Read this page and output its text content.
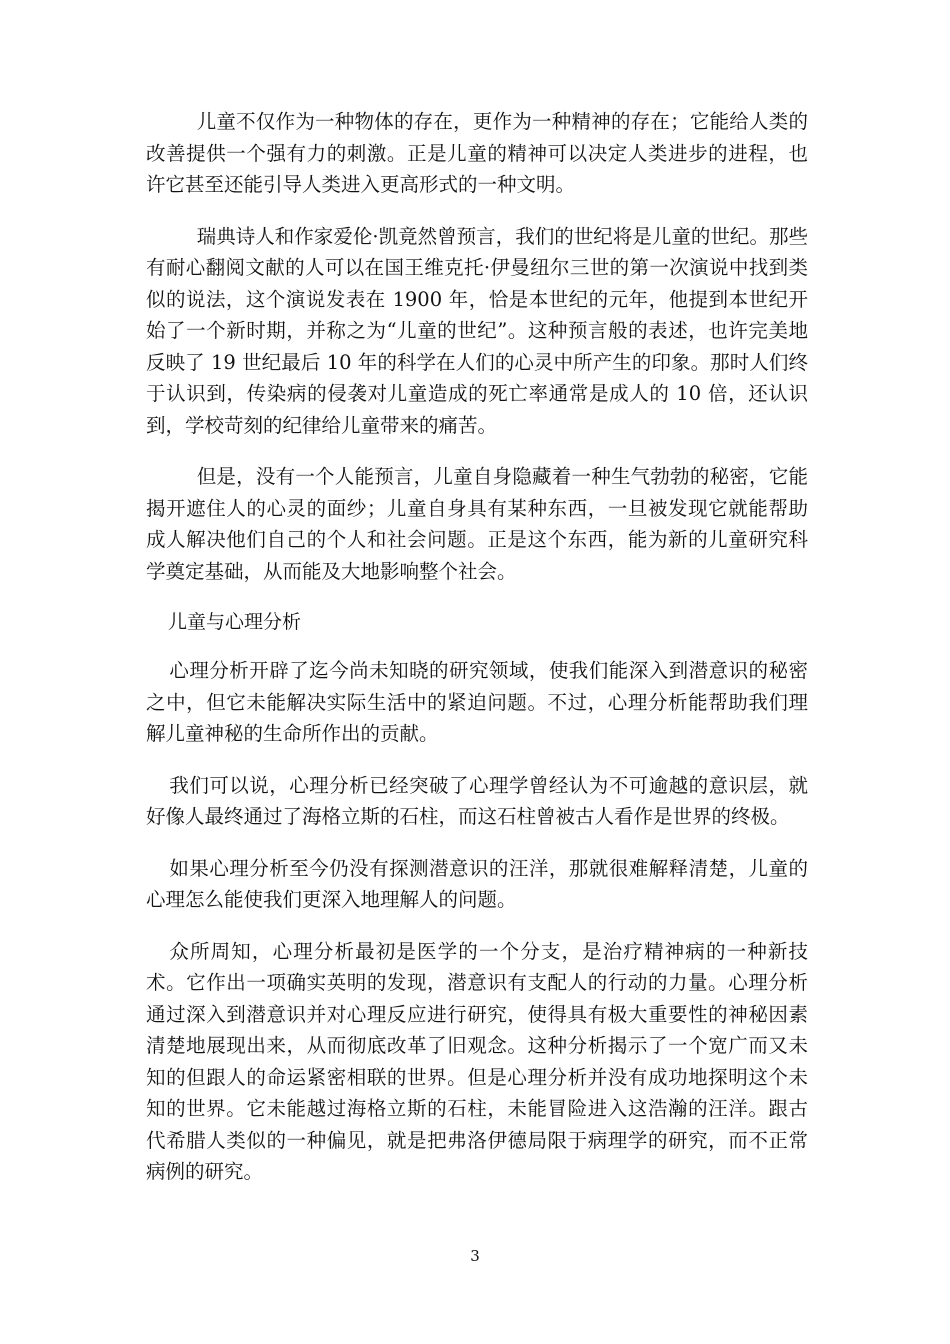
儿童不仅作为一种物体的存在，更作为一种精神的存在；它能给人类的改善提供一个强有力的刺激。正是儿童的精神可以决定人类进步的进程，也许它甚至还能引导人类进入更高形式的一种文明。

瑞典诗人和作家爱伦·凯竟然曾预言，我们的世纪将是儿童的世纪。那些有耐心翻阅文献的人可以在国王维克托·伊曼纽尔三世的第一次演说中找到类似的说法，这个演说发表在 1900 年，恰是本世纪的元年，他提到本世纪开始了一个新时期，并称之为“儿童的世纪”。这种预言般的表述，也许完美地反映了 19 世纪最后 10 年的科学在人们的心灵中所产生的印象。那时人们终于认识到，传染病的侵袭对儿童造成的死亡率通常是成人的 10 倍，还认识到，学校苛刻的纪律给儿童带来的痛苦。

但是，没有一个人能预言，儿童自身隐藏着一种生气勃勃的秘密，它能揭开遮住人的心灵的面纱；儿童自身具有某种东西，一旦被发现它就能帮助成人解决他们自己的个人和社会问题。正是这个东西，能为新的儿童研究科学奠定基础，从而能及大地影响整个社会。

儿童与心理分析

心理分析开辟了迄今尚未知晓的研究领域，使我们能深入到潜意识的秘密之中，但它未能解决实际生活中的紧迫问题。不过，心理分析能帮助我们理解儿童神秘的生命所作出的贡献。

我们可以说，心理分析已经突破了心理学曾经认为不可逾越的意识层，就好像人最终通过了海格立斯的石柱，而这石柱曾被古人看作是世界的终极。

如果心理分析至今仍没有探测潜意识的汪洋，那就很难解释清楚，儿童的心理怎么能使我们更深入地理解人的问题。

众所周知，心理分析最初是医学的一个分支，是治疗精神病的一种新技术。它作出一项确实英明的发现，潜意识有支配人的行动的力量。心理分析通过深入到潜意识并对心理反应进行研究，使得具有极大重要性的神秘因素清楚地展现出来，从而彻底改革了旧观念。这种分析揭示了一个宽广而又未知的但跟人的命运紧密相联的世界。但是心理分析并没有成功地探明这个未知的世界。它未能越过海格立斯的石柱，未能冒险进入这浩瀚的汪洋。跟古代希腊人类似的一种偏见，就是把弗洛伊德局限于病理学的研究，而不正常病例的研究。

3
